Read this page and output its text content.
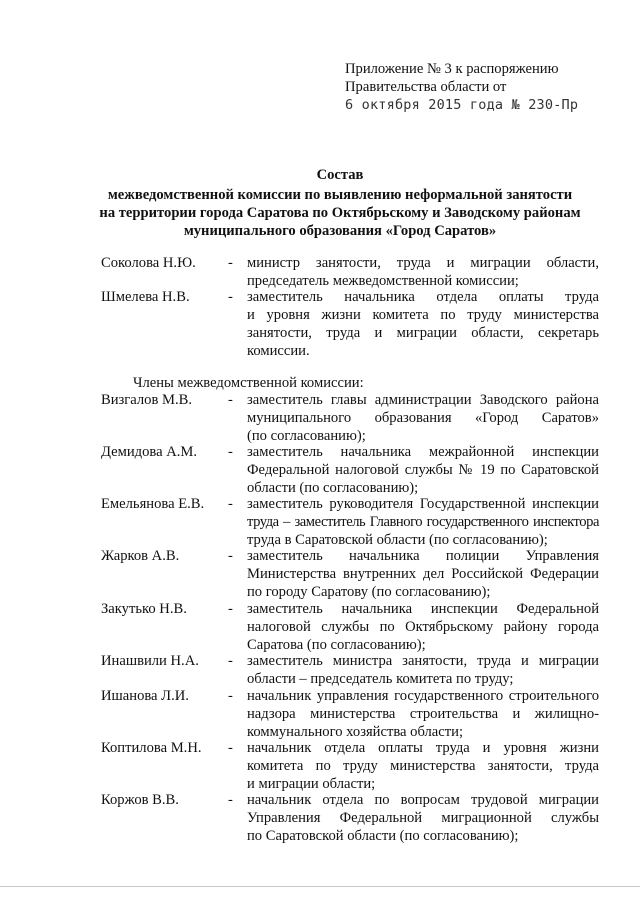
Приложение № 3 к распоряжению
Правительства области от
6 октября 2015 года № 230-Пр
Состав
межведомственной комиссии по выявлению неформальной занятости
на территории города Саратова по Октябрьскому и Заводскому районам
муниципального образования «Город Саратов»
Соколова Н.Ю. - министр занятости, труда и миграции области,
председатель межведомственной комиссии;
Шмелева Н.В.	- заместитель начальника отдела оплаты труда
и уровня жизни комитета по труду министерства
занятости, труда и миграции области, секретарь
комиссии.
Члены межведомственной комиссии:
Визгалов М.В. - заместитель главы администрации Заводского района
муниципального образования «Город Саратов»
(по согласованию);
Демидова А.М. - заместитель начальника межрайонной инспекции
Федеральной налоговой службы № 19 по Саратовской
области (по согласованию);
Емельянова Е.В. - заместитель руководителя Государственной инспекции
труда – заместитель Главного государственного инспектора
труда в Саратовской области (по согласованию);
Жарков А.В.	- заместитель начальника полиции Управления
Министерства внутренних дел Российской Федерации
по городу Саратову (по согласованию);
Закутько Н.В.	- заместитель начальника инспекции Федеральной
налоговой службы по Октябрьскому району города
Саратова (по согласованию);
Инашвили Н.А. - заместитель министра занятости, труда и миграции
области – председатель комитета по труду;
Ишанова Л.И.	- начальник управления государственного строительного
надзора министерства строительства и жилищно-
коммунального хозяйства области;
Коптилова М.Н. - начальник отдела оплаты труда и уровня жизни
комитета по труду министерства занятости, труда
и миграции области;
Коржов В.В.	- начальник отдела по вопросам трудовой миграции
Управления Федеральной миграционной службы
по Саратовской области (по согласованию);
